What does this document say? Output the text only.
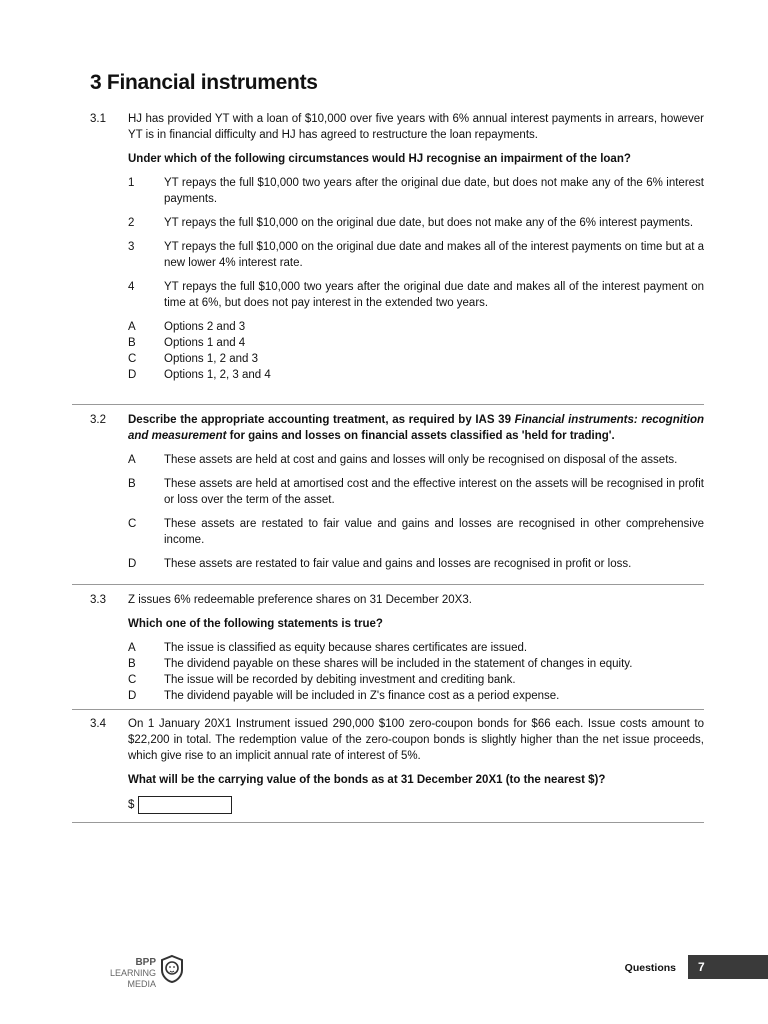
3 Financial instruments
3.1 HJ has provided YT with a loan of $10,000 over five years with 6% annual interest payments in arrears, however YT is in financial difficulty and HJ has agreed to restructure the loan repayments.

Under which of the following circumstances would HJ recognise an impairment of the loan?

1	YT repays the full $10,000 two years after the original due date, but does not make any of the 6% interest payments.
2	YT repays the full $10,000 on the original due date, but does not make any of the 6% interest payments.
3	YT repays the full $10,000 on the original due date and makes all of the interest payments on time but at a new lower 4% interest rate.
4	YT repays the full $10,000 two years after the original due date and makes all of the interest payment on time at 6%, but does not pay interest in the extended two years.
A Options 2 and 3
B Options 1 and 4
C Options 1, 2 and 3
D Options 1, 2, 3 and 4
3.2 Describe the appropriate accounting treatment, as required by IAS 39 Financial instruments: recognition and measurement for gains and losses on financial assets classified as 'held for trading'.

A These assets are held at cost and gains and losses will only be recognised on disposal of the assets.
B These assets are held at amortised cost and the effective interest on the assets will be recognised in profit or loss over the term of the asset.
C These assets are restated to fair value and gains and losses are recognised in other comprehensive income.
D These assets are restated to fair value and gains and losses are recognised in profit or loss.
3.3 Z issues 6% redeemable preference shares on 31 December 20X3.

Which one of the following statements is true?

A The issue is classified as equity because shares certificates are issued.
B The dividend payable on these shares will be included in the statement of changes in equity.
C The issue will be recorded by debiting investment and crediting bank.
D The dividend payable will be included in Z's finance cost as a period expense.
3.4 On 1 January 20X1 Instrument issued 290,000 $100 zero-coupon bonds for $66 each. Issue costs amount to $22,200 in total. The redemption value of the zero-coupon bonds is slightly higher than the net issue proceeds, which give rise to an implicit annual rate of interest of 5%.

What will be the carrying value of the bonds as at 31 December 20X1 (to the nearest $)?

$
BPP
LEARNING MEDIA
Questions	7
